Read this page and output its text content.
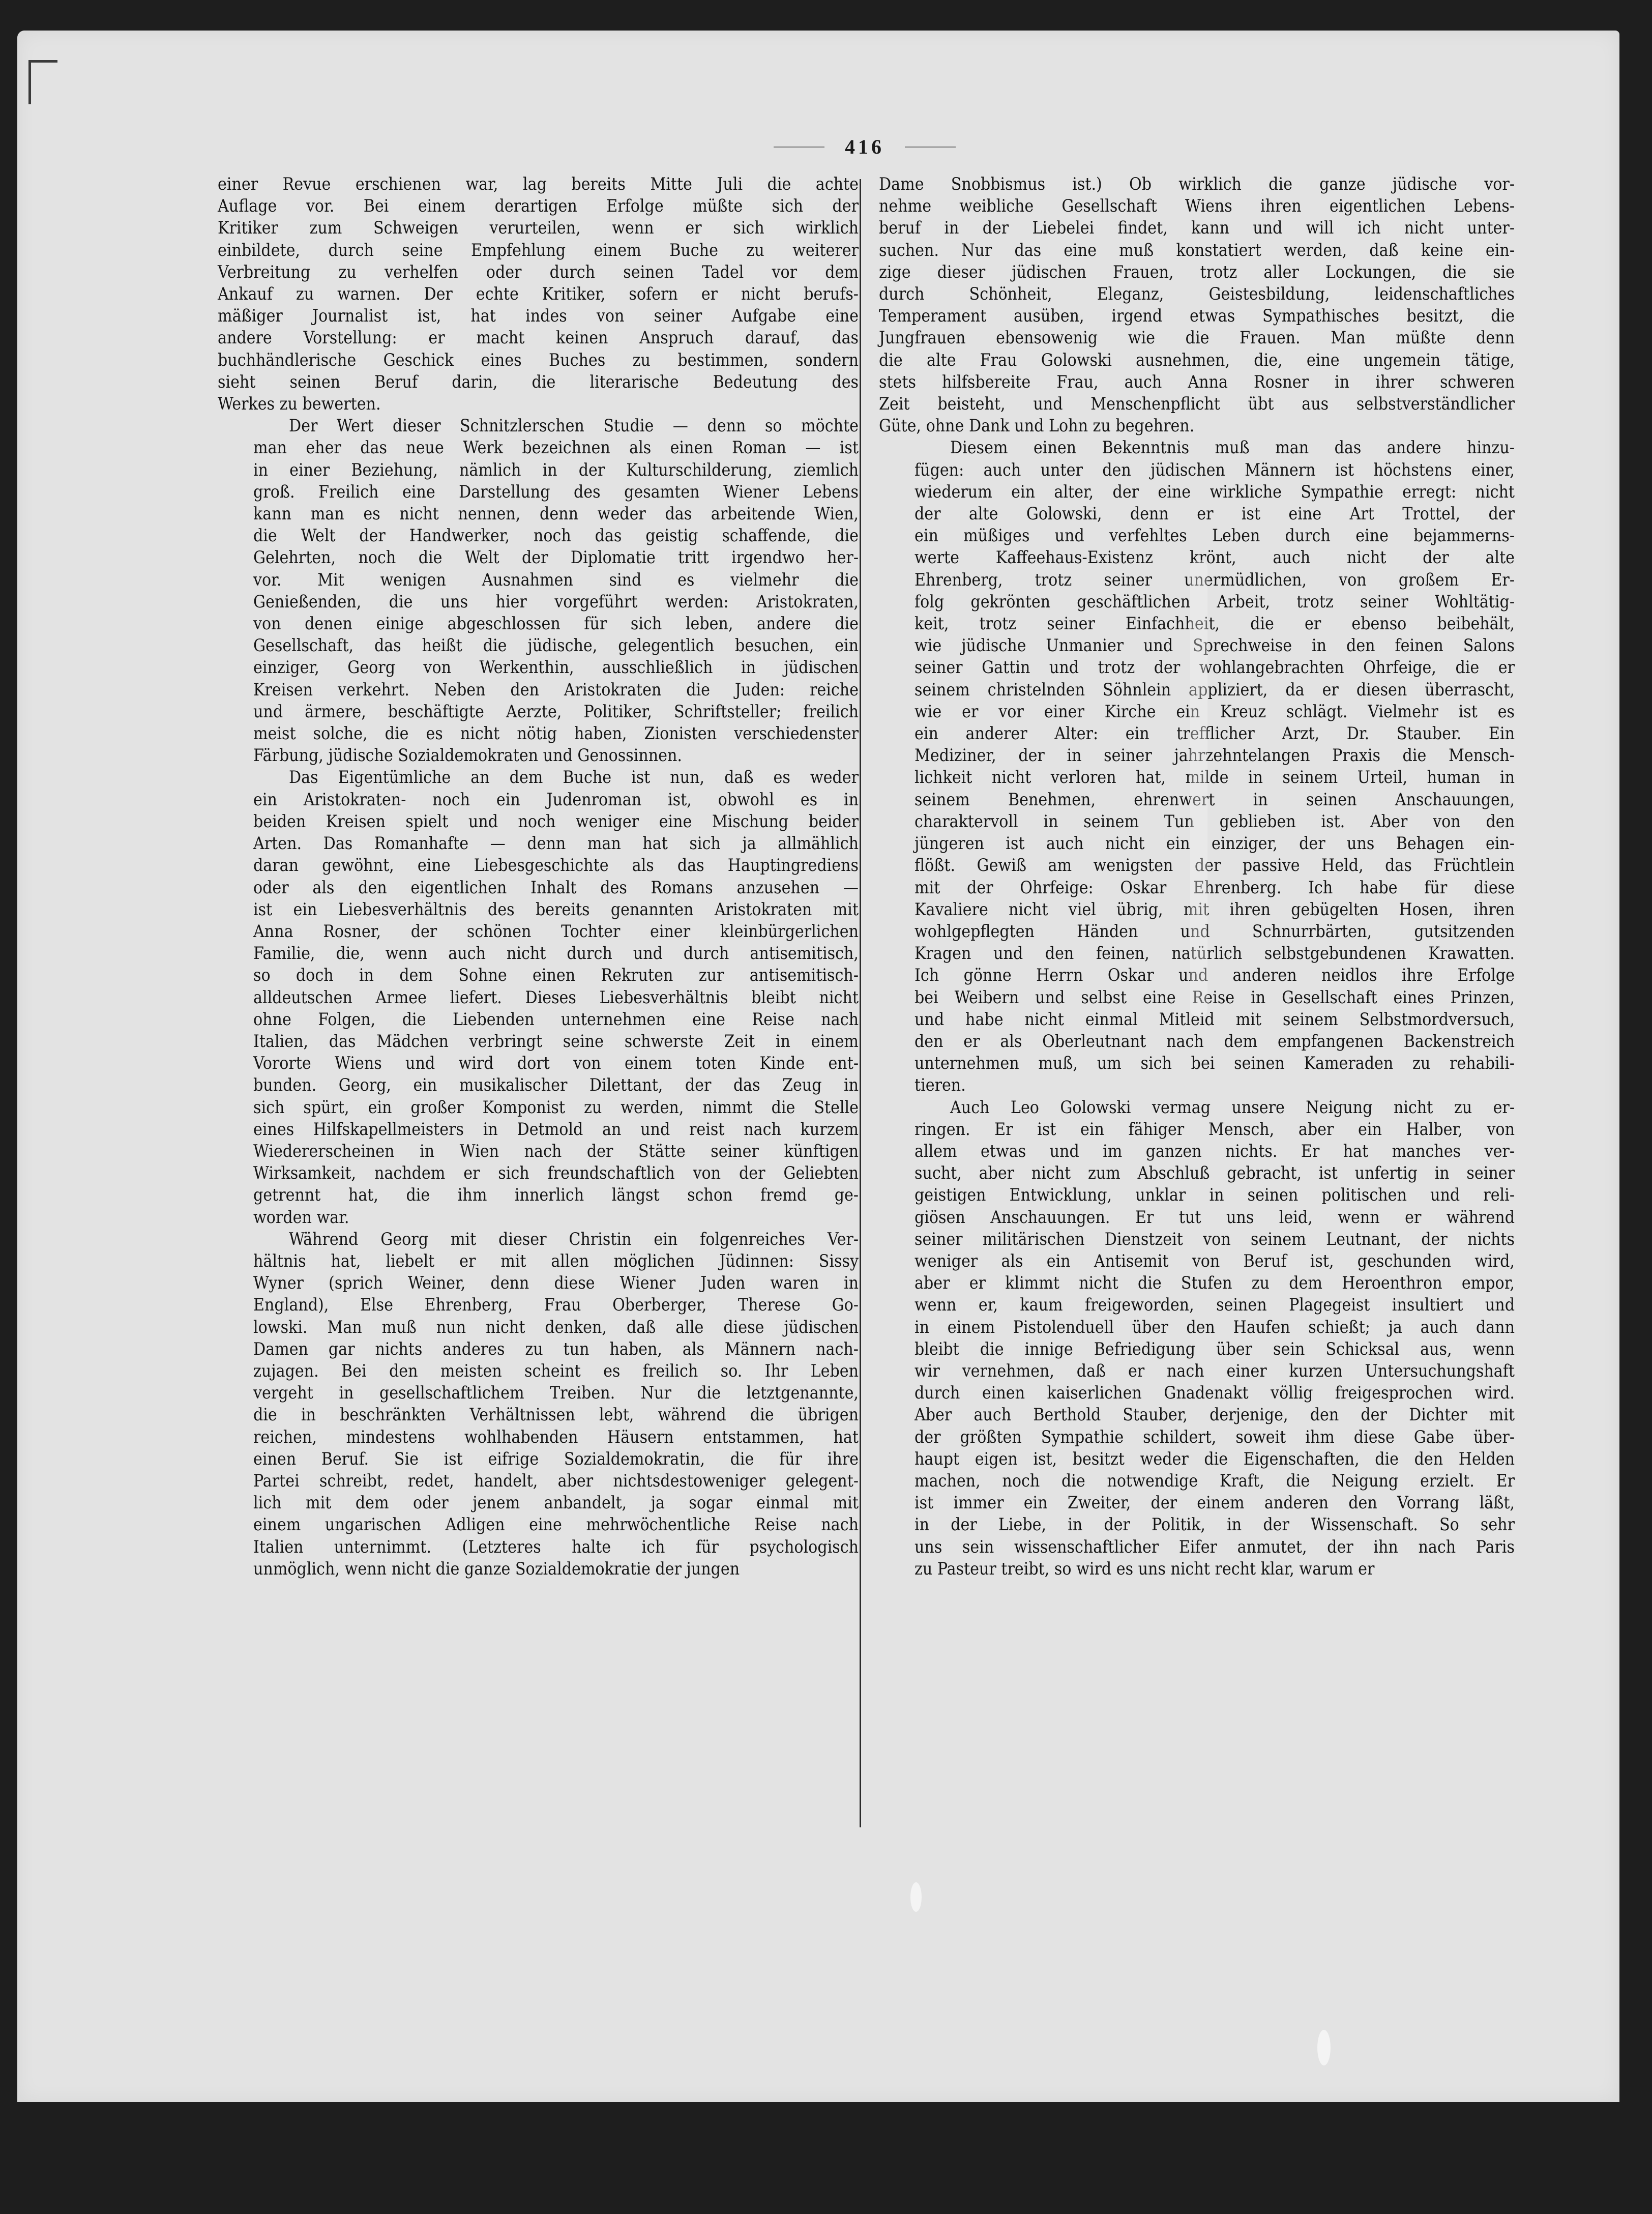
416
einer Revue erschienen war, lag bereits Mitte Juli die achte
Auflage vor. Bei einem derartigen Erfolge müßte sich der
Kritiker zum Schweigen verurteilen, wenn er sich wirklich
einbildete, durch seine Empfehlung einem Buche zu weiterer
Verbreitung zu verhelfen oder durch seinen Tadel vor dem
Ankauf zu warnen. Der echte Kritiker, sofern er nicht berufs-
mäßiger Journalist ist, hat indes von seiner Aufgabe eine
andere Vorstellung: er macht keinen Anspruch darauf, das
buchhändlerische Geschick eines Buches zu bestimmen, sondern
sieht seinen Beruf darin, die literarische Bedeutung des
Werkes zu bewerten.
Der Wert dieser Schnitzlerschen Studie — denn so möchte
man eher das neue Werk bezeichnen als einen Roman — ist
in einer Beziehung, nämlich in der Kulturschilderung, ziemlich
groß. Freilich eine Darstellung des gesamten Wiener Lebens
kann man es nicht nennen, denn weder das arbeitende Wien,
die Welt der Handwerker, noch das geistig schaffende, die
Gelehrten, noch die Welt der Diplomatie tritt irgendwo her-
vor. Mit wenigen Ausnahmen sind es vielmehr die
Genießenden, die uns hier vorgeführt werden: Aristokraten,
von denen einige abgeschlossen für sich leben, andere die
Gesellschaft, das heißt die jüdische, gelegentlich besuchen, ein
einziger, Georg von Werkenthin, ausschließlich in jüdischen
Kreisen verkehrt. Neben den Aristokraten die Juden: reiche
und ärmere, beschäftigte Aerzte, Politiker, Schriftsteller; freilich
meist solche, die es nicht nötig haben, Zionisten verschiedenster
Färbung, jüdische Sozialdemokraten und Genossinnen.
Das Eigentümliche an dem Buche ist nun, daß es weder
ein Aristokraten- noch ein Judenroman ist, obwohl es in
beiden Kreisen spielt und noch weniger eine Mischung beider
Arten. Das Romanhafte — denn man hat sich ja allmählich
daran gewöhnt, eine Liebesgeschichte als das Hauptingrediens
oder als den eigentlichen Inhalt des Romans anzusehen —
ist ein Liebesverhältnis des bereits genannten Aristokraten mit
Anna Rosner, der schönen Tochter einer kleinbürgerlichen
Familie, die, wenn auch nicht durch und durch antisemitisch,
so doch in dem Sohne einen Rekruten zur antisemitisch-
alldeutschen Armee liefert. Dieses Liebesverhältnis bleibt nicht
ohne Folgen, die Liebenden unternehmen eine Reise nach
Italien, das Mädchen verbringt seine schwerste Zeit in einem
Vororte Wiens und wird dort von einem toten Kinde ent-
bunden. Georg, ein musikalischer Dilettant, der das Zeug in
sich spürt, ein großer Komponist zu werden, nimmt die Stelle
eines Hilfskapellmeisters in Detmold an und reist nach kurzem
Wiedererscheinen in Wien nach der Stätte seiner künftigen
Wirksamkeit, nachdem er sich freundschaftlich von der Geliebten
getrennt hat, die ihm innerlich längst schon fremd ge-
worden war.
Während Georg mit dieser Christin ein folgenreiches Ver-
hältnis hat, liebelt er mit allen möglichen Jüdinnen: Sissy
Wyner (sprich Weiner, denn diese Wiener Juden waren in
England), Else Ehrenberg, Frau Oberberger, Therese Go-
lowski. Man muß nun nicht denken, daß alle diese jüdischen
Damen gar nichts anderes zu tun haben, als Männern nach-
zujagen. Bei den meisten scheint es freilich so. Ihr Leben
vergeht in gesellschaftlichem Treiben. Nur die letztgenannte,
die in beschränkten Verhältnissen lebt, während die übrigen
reichen, mindestens wohlhabenden Häusern entstammen, hat
einen Beruf. Sie ist eifrige Sozialdemokratin, die für ihre
Partei schreibt, redet, handelt, aber nichtsdestoweniger gelegent-
lich mit dem oder jenem anbandelt, ja sogar einmal mit
einem ungarischen Adligen eine mehrwöchentliche Reise nach
Italien unternimmt. (Letzteres halte ich für psychologisch
unmöglich, wenn nicht die ganze Sozialdemokratie der jungen
Dame Snobbismus ist.) Ob wirklich die ganze jüdische vor-
nehme weibliche Gesellschaft Wiens ihren eigentlichen Lebens-
beruf in der Liebelei findet, kann und will ich nicht unter-
suchen. Nur das eine muß konstatiert werden, daß keine ein-
zige dieser jüdischen Frauen, trotz aller Lockungen, die sie
durch Schönheit, Eleganz, Geistesbildung, leidenschaftliches
Temperament ausüben, irgend etwas Sympathisches besitzt, die
Jungfrauen ebensowenig wie die Frauen. Man müßte denn
die alte Frau Golowski ausnehmen, die, eine ungemein tätige,
stets hilfsbereite Frau, auch Anna Rosner in ihrer schweren
Zeit beisteht, und Menschenpflicht übt aus selbstverständlicher
Güte, ohne Dank und Lohn zu begehren.
Diesem einen Bekenntnis muß man das andere hinzu-
fügen: auch unter den jüdischen Männern ist höchstens einer,
wiederum ein alter, der eine wirkliche Sympathie erregt: nicht
der alte Golowski, denn er ist eine Art Trottel, der
ein müßiges und verfehltes Leben durch eine bejammerns-
werte Kaffeehaus-Existenz krönt, auch nicht der alte
Ehrenberg, trotz seiner unermüdlichen, von großem Er-
folg gekrönten geschäftlichen Arbeit, trotz seiner Wohltätig-
keit, trotz seiner Einfachheit, die er ebenso beibehält,
wie jüdische Unmanier und Sprechweise in den feinen Salons
seiner Gattin und trotz der wohlangebrachten Ohrfeige, die er
seinem christelnden Söhnlein appliziert, da er diesen überrascht,
wie er vor einer Kirche ein Kreuz schlägt. Vielmehr ist es
ein anderer Alter: ein trefflicher Arzt, Dr. Stauber. Ein
Mediziner, der in seiner jahrzehntelangen Praxis die Mensch-
lichkeit nicht verloren hat, milde in seinem Urteil, human in
seinem Benehmen, ehrenwert in seinen Anschauungen,
charaktervoll in seinem Tun geblieben ist. Aber von den
jüngeren ist auch nicht ein einziger, der uns Behagen ein-
flößt. Gewiß am wenigsten der passive Held, das Früchtlein
mit der Ohrfeige: Oskar Ehrenberg. Ich habe für diese
Kavaliere nicht viel übrig, mit ihren gebügelten Hosen, ihren
wohlgepflegten Händen und Schnurrbärten, gutsitzenden
Kragen und den feinen, natürlich selbstgebundenen Krawatten.
Ich gönne Herrn Oskar und anderen neidlos ihre Erfolge
bei Weibern und selbst eine Reise in Gesellschaft eines Prinzen,
und habe nicht einmal Mitleid mit seinem Selbstmordversuch,
den er als Oberleutnant nach dem empfangenen Backenstreich
unternehmen muß, um sich bei seinen Kameraden zu rehabili-
tieren.
Auch Leo Golowski vermag unsere Neigung nicht zu er-
ringen. Er ist ein fähiger Mensch, aber ein Halber, von
allem etwas und im ganzen nichts. Er hat manches ver-
sucht, aber nicht zum Abschluß gebracht, ist unfertig in seiner
geistigen Entwicklung, unklar in seinen politischen und reli-
giösen Anschauungen. Er tut uns leid, wenn er während
seiner militärischen Dienstzeit von seinem Leutnant, der nichts
weniger als ein Antisemit von Beruf ist, geschunden wird,
aber er klimmt nicht die Stufen zu dem Heroenthron empor,
wenn er, kaum freigeworden, seinen Plagegeist insultiert und
in einem Pistolenduell über den Haufen schießt; ja auch dann
bleibt die innige Befriedigung über sein Schicksal aus, wenn
wir vernehmen, daß er nach einer kurzen Untersuchungshaft
durch einen kaiserlichen Gnadenakt völlig freigesprochen wird.
Aber auch Berthold Stauber, derjenige, den der Dichter mit
der größten Sympathie schildert, soweit ihm diese Gabe über-
haupt eigen ist, besitzt weder die Eigenschaften, die den Helden
machen, noch die notwendige Kraft, die Neigung erzielt. Er
ist immer ein Zweiter, der einem anderen den Vorrang läßt,
in der Liebe, in der Politik, in der Wissenschaft. So sehr
uns sein wissenschaftlicher Eifer anmutet, der ihn nach Paris
zu Pasteur treibt, so wird es uns nicht recht klar, warum er
